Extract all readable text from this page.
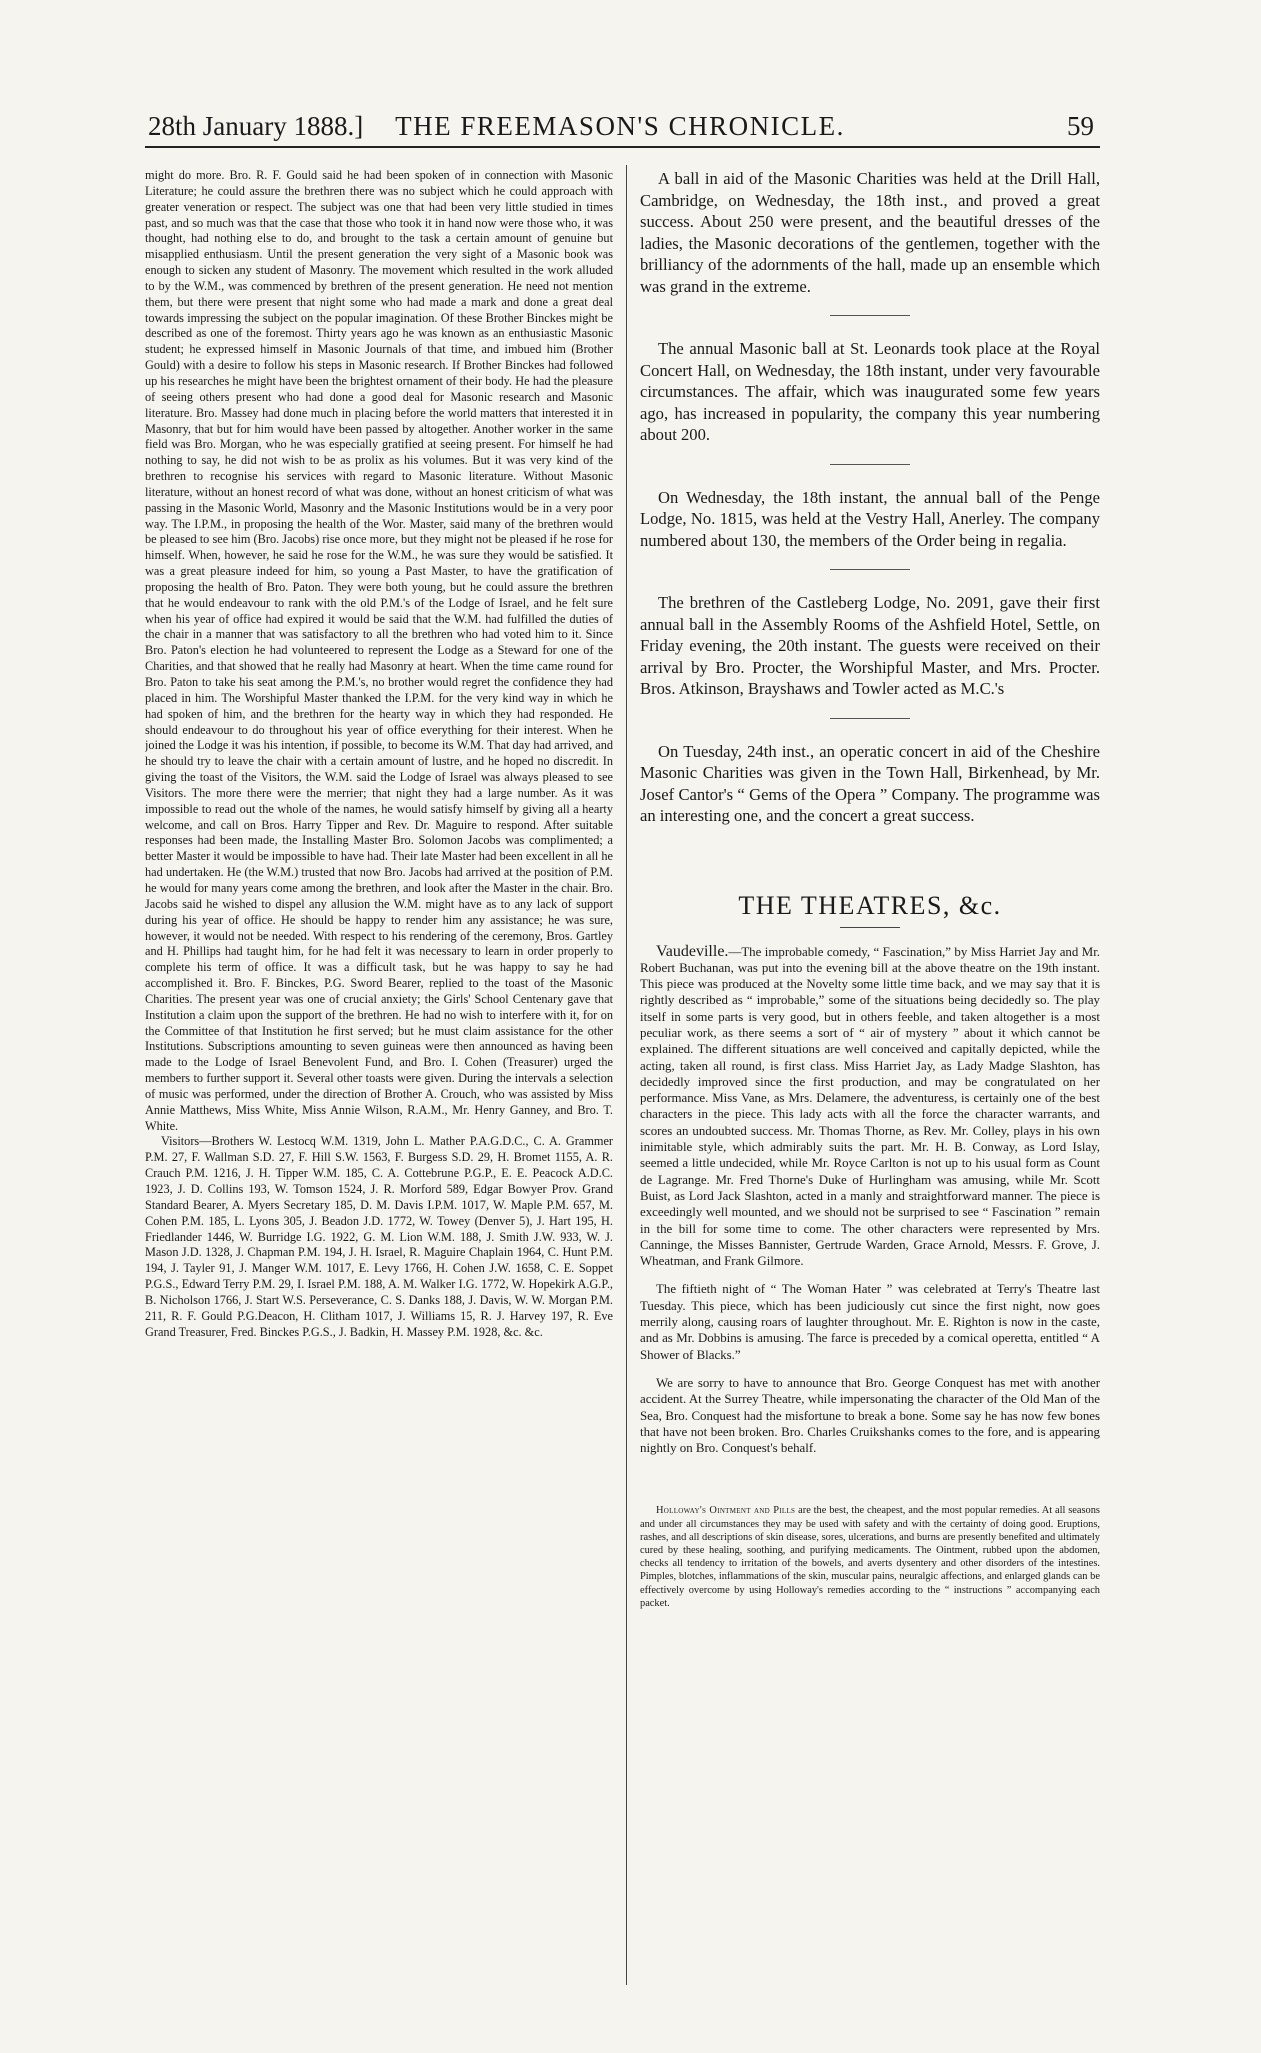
28th January 1888.]	THE FREEMASON'S CHRONICLE.	59

might do more. Bro. R. F. Gould said he had been spoken of in connection with Masonic Literature; he could assure the brethren there was no subject which he could approach with greater veneration or respect. The subject was one that had been very little studied in times past, and so much was that the case that those who took it in hand now were those who, it was thought, had nothing else to do, and brought to the task a certain amount of genuine but misapplied enthusiasm. Until the present generation the very sight of a Masonic book was enough to sicken any student of Masonry. The movement which resulted in the work alluded to by the W.M., was commenced by brethren of the present generation. He need not mention them, but there were present that night some who had made a mark and done a great deal towards impressing the subject on the popular imagination. Of these Brother Binckes might be described as one of the foremost. Thirty years ago he was known as an enthusiastic Masonic student; he expressed himself in Masonic Journals of that time, and imbued him (Brother Gould) with a desire to follow his steps in Masonic research. If Brother Binckes had followed up his researches he might have been the brightest ornament of their body. He had the pleasure of seeing others present who had done a good deal for Masonic research and Masonic literature. Bro. Massey had done much in placing before the world matters that interested it in Masonry, that but for him would have been passed by altogether. Another worker in the same field was Bro. Morgan, who he was especially gratified at seeing present. For himself he had nothing to say, he did not wish to be as prolix as his volumes. But it was very kind of the brethren to recognise his services with regard to Masonic literature. Without Masonic literature, without an honest record of what was done, without an honest criticism of what was passing in the Masonic World, Masonry and the Masonic Institutions would be in a very poor way. The I.P.M., in proposing the health of the Wor. Master, said many of the brethren would be pleased to see him (Bro. Jacobs) rise once more, but they might not be pleased if he rose for himself. When, however, he said he rose for the W.M., he was sure they would be satisfied. It was a great pleasure indeed for him, so young a Past Master, to have the gratification of proposing the health of Bro. Paton. They were both young, but he could assure the brethren that he would endeavour to rank with the old P.M.'s of the Lodge of Israel, and he felt sure when his year of office had expired it would be said that the W.M. had fulfilled the duties of the chair in a manner that was satisfactory to all the brethren who had voted him to it. Since Bro. Paton's election he had volunteered to represent the Lodge as a Steward for one of the Charities, and that showed that he really had Masonry at heart. When the time came round for Bro. Paton to take his seat among the P.M.'s, no brother would regret the confidence they had placed in him. The Worshipful Master thanked the I.P.M. for the very kind way in which he had spoken of him, and the brethren for the hearty way in which they had responded. He should endeavour to do throughout his year of office everything for their interest. When he joined the Lodge it was his intention, if possible, to become its W.M. That day had arrived, and he should try to leave the chair with a certain amount of lustre, and he hoped no discredit. In giving the toast of the Visitors, the W.M. said the Lodge of Israel was always pleased to see Visitors. The more there were the merrier; that night they had a large number. As it was impossible to read out the whole of the names, he would satisfy himself by giving all a hearty welcome, and call on Bros. Harry Tipper and Rev. Dr. Maguire to respond. After suitable responses had been made, the Installing Master Bro. Solomon Jacobs was complimented; a better Master it would be impossible to have had. Their late Master had been excellent in all he had undertaken. He (the W.M.) trusted that now Bro. Jacobs had arrived at the position of P.M. he would for many years come among the brethren, and look after the Master in the chair. Bro. Jacobs said he wished to dispel any allusion the W.M. might have as to any lack of support during his year of office. He should be happy to render him any assistance; he was sure, however, it would not be needed. With respect to his rendering of the ceremony, Bros. Gartley and H. Phillips had taught him, for he had felt it was necessary to learn in order properly to complete his term of office. It was a difficult task, but he was happy to say he had accomplished it. Bro. F. Binckes, P.G. Sword Bearer, replied to the toast of the Masonic Charities. The present year was one of crucial anxiety; the Girls' School Centenary gave that Institution a claim upon the support of the brethren. He had no wish to interfere with it, for on the Committee of that Institution he first served; but he must claim assistance for the other Institutions. Subscriptions amounting to seven guineas were then announced as having been made to the Lodge of Israel Benevolent Fund, and Bro. I. Cohen (Treasurer) urged the members to further support it. Several other toasts were given. During the intervals a selection of music was performed, under the direction of Brother A. Crouch, who was assisted by Miss Annie Matthews, Miss White, Miss Annie Wilson, R.A.M., Mr. Henry Ganney, and Bro. T. White.

Visitors—Brothers W. Lestocq W.M. 1319, John L. Mather P.A.G.D.C., C. A. Grammer P.M. 27, F. Wallman S.D. 27, F. Hill S.W. 1563, F. Burgess S.D. 29, H. Bromet 1155, A. R. Crauch P.M. 1216, J. H. Tipper W.M. 185, C. A. Cottebrune P.G.P., E. E. Peacock A.D.C. 1923, J. D. Collins 193, W. Tomson 1524, J. R. Morford 589, Edgar Bowyer Prov. Grand Standard Bearer, A. Myers Secretary 185, D. M. Davis I.P.M. 1017, W. Maple P.M. 657, M. Cohen P.M. 185, L. Lyons 305, J. Beadon J.D. 1772, W. Towey (Denver 5), J. Hart 195, H. Friedlander 1446, W. Burridge I.G. 1922, G. M. Lion W.M. 188, J. Smith J.W. 933, W. J. Mason J.D. 1328, J. Chapman P.M. 194, J. H. Israel, R. Maguire Chaplain 1964, C. Hunt P.M. 194, J. Tayler 91, J. Manger W.M. 1017, E. Levy 1766, H. Cohen J.W. 1658, C. E. Soppet P.G.S., Edward Terry P.M. 29, I. Israel P.M. 188, A. M. Walker I.G. 1772, W. Hopekirk A.G.P., B. Nicholson 1766, J. Start W.S. Perseverance, C. S. Danks 188, J. Davis, W. W. Morgan P.M. 211, R. F. Gould P.G.Deacon, H. Clitham 1017, J. Williams 15, R. J. Harvey 197, R. Eve Grand Treasurer, Fred. Binckes P.G.S., J. Badkin, H. Massey P.M. 1928, &c. &c.

A ball in aid of the Masonic Charities was held at the Drill Hall, Cambridge, on Wednesday, the 18th inst., and proved a great success. About 250 were present, and the beautiful dresses of the ladies, the Masonic decorations of the gentlemen, together with the brilliancy of the adornments of the hall, made up an ensemble which was grand in the extreme.

The annual Masonic ball at St. Leonards took place at the Royal Concert Hall, on Wednesday, the 18th instant, under very favourable circumstances. The affair, which was inaugurated some few years ago, has increased in popularity, the company this year numbering about 200.

On Wednesday, the 18th instant, the annual ball of the Penge Lodge, No. 1815, was held at the Vestry Hall, Anerley. The company numbered about 130, the members of the Order being in regalia.

The brethren of the Castleberg Lodge, No. 2091, gave their first annual ball in the Assembly Rooms of the Ashfield Hotel, Settle, on Friday evening, the 20th instant. The guests were received on their arrival by Bro. Procter, the Worshipful Master, and Mrs. Procter. Bros. Atkinson, Brayshaws and Towler acted as M.C.'s

On Tuesday, 24th inst., an operatic concert in aid of the Cheshire Masonic Charities was given in the Town Hall, Birkenhead, by Mr. Josef Cantor's “ Gems of the Opera ” Company. The programme was an interesting one, and the concert a great success.

THE THEATRES, &c.

Vaudeville.—The improbable comedy, “ Fascination,” by Miss Harriet Jay and Mr. Robert Buchanan, was put into the evening bill at the above theatre on the 19th instant. This piece was produced at the Novelty some little time back, and we may say that it is rightly described as “ improbable,” some of the situations being decidedly so. The play itself in some parts is very good, but in others feeble, and taken altogether is a most peculiar work, as there seems a sort of “ air of mystery ” about it which cannot be explained. The different situations are well conceived and capitally depicted, while the acting, taken all round, is first class. Miss Harriet Jay, as Lady Madge Slashton, has decidedly improved since the first production, and may be congratulated on her performance. Miss Vane, as Mrs. Delamere, the adventuress, is certainly one of the best characters in the piece. This lady acts with all the force the character warrants, and scores an undoubted success. Mr. Thomas Thorne, as Rev. Mr. Colley, plays in his own inimitable style, which admirably suits the part. Mr. H. B. Conway, as Lord Islay, seemed a little undecided, while Mr. Royce Carlton is not up to his usual form as Count de Lagrange. Mr. Fred Thorne's Duke of Hurlingham was amusing, while Mr. Scott Buist, as Lord Jack Slashton, acted in a manly and straightforward manner. The piece is exceedingly well mounted, and we should not be surprised to see “ Fascination ” remain in the bill for some time to come. The other characters were represented by Mrs. Canninge, the Misses Bannister, Gertrude Warden, Grace Arnold, Messrs. F. Grove, J. Wheatman, and Frank Gilmore.

The fiftieth night of “ The Woman Hater ” was celebrated at Terry's Theatre last Tuesday. This piece, which has been judiciously cut since the first night, now goes merrily along, causing roars of laughter throughout. Mr. E. Righton is now in the caste, and as Mr. Dobbins is amusing. The farce is preceded by a comical operetta, entitled “ A Shower of Blacks.”

We are sorry to have to announce that Bro. George Conquest has met with another accident. At the Surrey Theatre, while impersonating the character of the Old Man of the Sea, Bro. Conquest had the misfortune to break a bone. Some say he has now few bones that have not been broken. Bro. Charles Cruikshanks comes to the fore, and is appearing nightly on Bro. Conquest's behalf.

Holloway's Ointment and Pills are the best, the cheapest, and the most popular remedies. At all seasons and under all circumstances they may be used with safety and with the certainty of doing good. Eruptions, rashes, and all descriptions of skin disease, sores, ulcerations, and burns are presently benefited and ultimately cured by these healing, soothing, and purifying medicaments. The Ointment, rubbed upon the abdomen, checks all tendency to irritation of the bowels, and averts dysentery and other disorders of the intestines. Pimples, blotches, inflammations of the skin, muscular pains, neuralgic affections, and enlarged glands can be effectively overcome by using Holloway's remedies according to the “ instructions ” accompanying each packet.
